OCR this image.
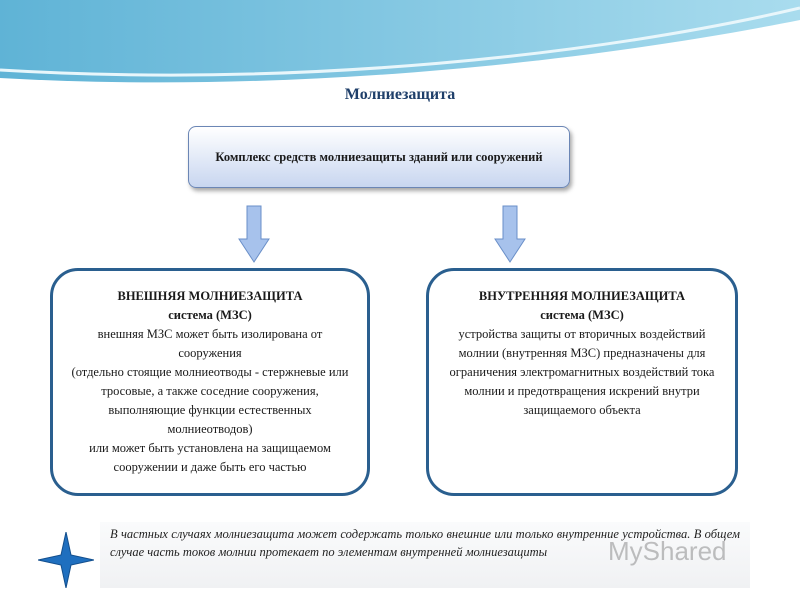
Молниезащита
Комплекс средств молниезащиты зданий или сооружений
ВНЕШНЯЯ МОЛНИЕЗАЩИТА
система (МЗС)
внешняя МЗС может быть изолирована от сооружения
(отдельно стоящие молниеотводы - стержневые или тросовые, а также соседние сооружения, выполняющие функции естественных молниеотводов)
или может быть установлена на защищаемом сооружении и даже быть его частью
ВНУТРЕННЯЯ МОЛНИЕЗАЩИТА
система (МЗС)
устройства защиты от вторичных воздействий молнии (внутренняя МЗС) предназначены для ограничения электромагнитных воздействий тока молнии и предотвращения искрений внутри защищаемого объекта
В частных случаях молниезащита может содержать только внешние или только внутренние устройства. В общем случае часть токов молнии протекает по элементам внутренней молниезащиты	MyShared
